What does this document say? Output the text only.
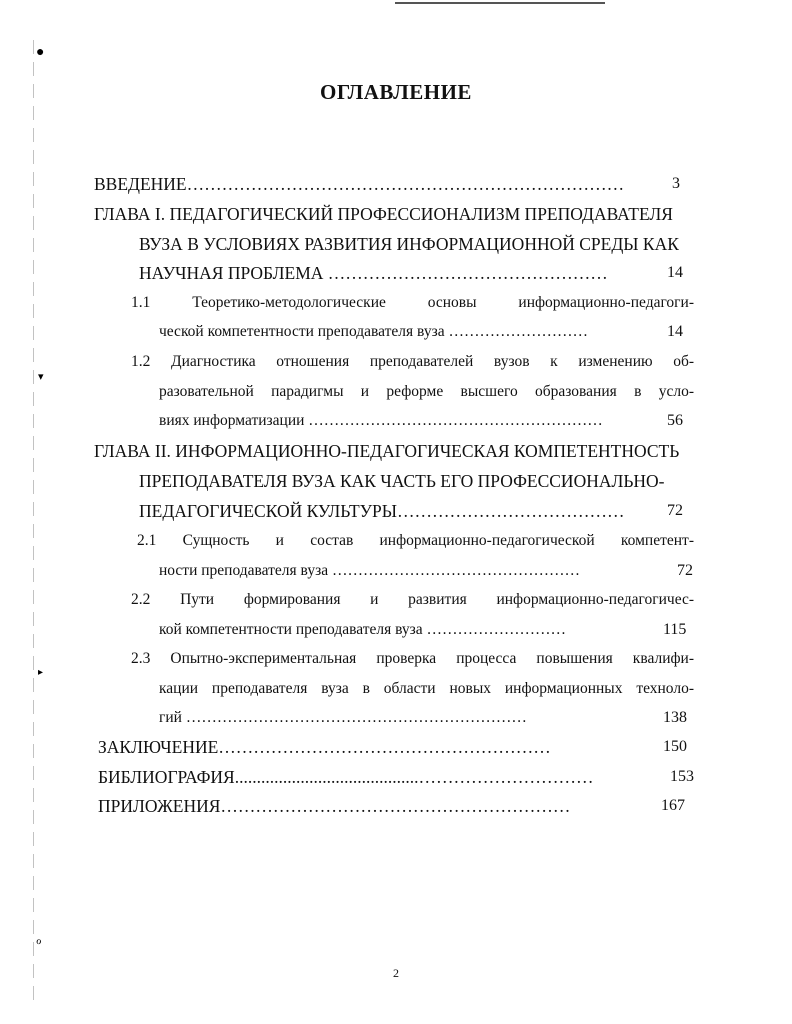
●
▾
▸
ℴ
ОГЛАВЛЕНИЕ
ВВЕДЕНИЕ…………………………………………………………………	3
ГЛАВА I. ПЕДАГОГИЧЕСКИЙ ПРОФЕССИОНАЛИЗМ ПРЕПОДАВАТЕЛЯ
ВУЗА В УСЛОВИЯХ РАЗВИТИЯ ИНФОРМАЦИОННОЙ СРЕДЫ КАК
НАУЧНАЯ ПРОБЛЕМА …………………………………………	14
1.1 Теоретико-методологические основы информационно-педагоги-
ческой компетентности преподавателя вуза ………………………	14
1.2 Диагностика отношения преподавателей вузов к изменению об-
разовательной парадигмы и реформе высшего образования в усло-
виях информатизации …………………………………………………	56
ГЛАВА II. ИНФОРМАЦИОННО-ПЕДАГОГИЧЕСКАЯ КОМПЕТЕНТНОСТЬ
ПРЕПОДАВАТЕЛЯ ВУЗА КАК ЧАСТЬ ЕГО ПРОФЕССИОНАЛЬНО-
ПЕДАГОГИЧЕСКОЙ КУЛЬТУРЫ…………………………………	72
2.1 Сущность и состав информационно-педагогической компетент-
ности преподавателя вуза …………………………………………	72
2.2 Пути формирования и развития информационно-педагогичес-
кой компетентности преподавателя вуза ………………………	115
2.3 Опытно-экспериментальная проверка процесса повышения квалифи-
кации преподавателя вуза в области новых информационных техноло-
гий …………………………………………………………	138
ЗАКЛЮЧЕНИЕ…………………………………………………	150
БИБЛИОГРАФИЯ..........................................…………………………	153
ПРИЛОЖЕНИЯ……………………………………………………	167
2
